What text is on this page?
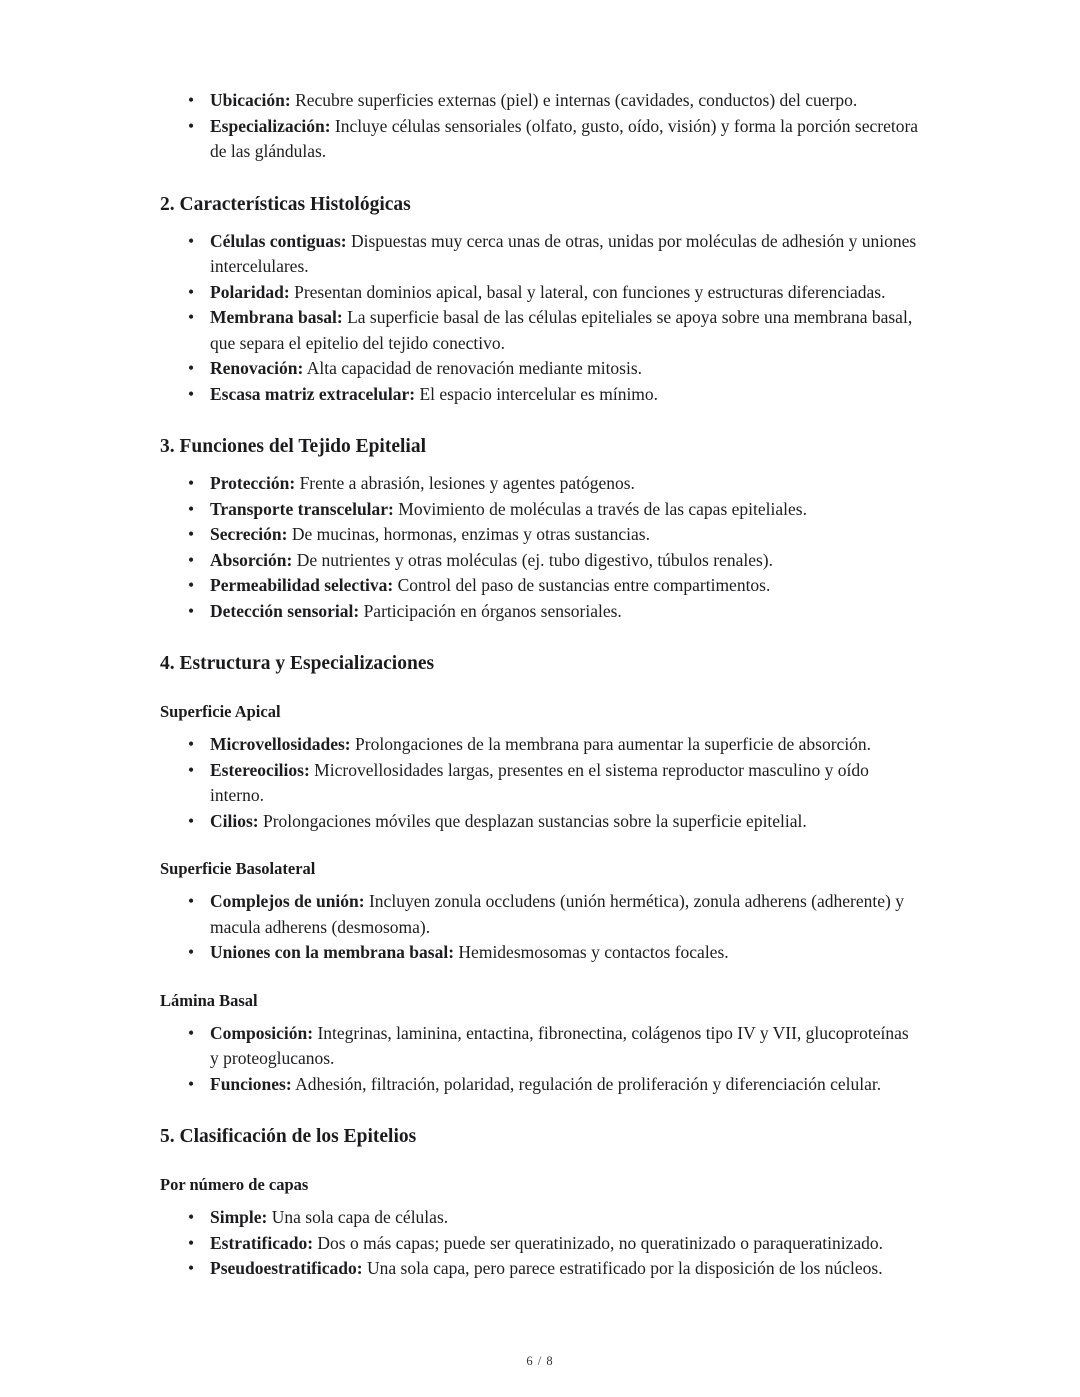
• Ubicación: Recubre superficies externas (piel) e internas (cavidades, conductos) del cuerpo.
• Especialización: Incluye células sensoriales (olfato, gusto, oído, visión) y forma la porción secretora de las glándulas.
2. Características Histológicas
• Células contiguas: Dispuestas muy cerca unas de otras, unidas por moléculas de adhesión y uniones intercelulares.
• Polaridad: Presentan dominios apical, basal y lateral, con funciones y estructuras diferenciadas.
• Membrana basal: La superficie basal de las células epiteliales se apoya sobre una membrana basal, que separa el epitelio del tejido conectivo.
• Renovación: Alta capacidad de renovación mediante mitosis.
• Escasa matriz extracelular: El espacio intercelular es mínimo.
3. Funciones del Tejido Epitelial
• Protección: Frente a abrasión, lesiones y agentes patógenos.
• Transporte transcelular: Movimiento de moléculas a través de las capas epiteliales.
• Secreción: De mucinas, hormonas, enzimas y otras sustancias.
• Absorción: De nutrientes y otras moléculas (ej. tubo digestivo, túbulos renales).
• Permeabilidad selectiva: Control del paso de sustancias entre compartimentos.
• Detección sensorial: Participación en órganos sensoriales.
4. Estructura y Especializaciones
Superficie Apical
• Microvellosidades: Prolongaciones de la membrana para aumentar la superficie de absorción.
• Estereocilios: Microvellosidades largas, presentes en el sistema reproductor masculino y oído interno.
• Cilios: Prolongaciones móviles que desplazan sustancias sobre la superficie epitelial.
Superficie Basolateral
• Complejos de unión: Incluyen zonula occludens (unión hermética), zonula adherens (adherente) y macula adherens (desmosoma).
• Uniones con la membrana basal: Hemidesmosomas y contactos focales.
Lámina Basal
• Composición: Integrinas, laminina, entactina, fibronectina, colágenos tipo IV y VII, glucoproteínas y proteoglucanos.
• Funciones: Adhesión, filtración, polaridad, regulación de proliferación y diferenciación celular.
5. Clasificación de los Epitelios
Por número de capas
• Simple: Una sola capa de células.
• Estratificado: Dos o más capas; puede ser queratinizado, no queratinizado o paraqueratinizado.
• Pseudoestratificado: Una sola capa, pero parece estratificado por la disposición de los núcleos.
6 / 8
